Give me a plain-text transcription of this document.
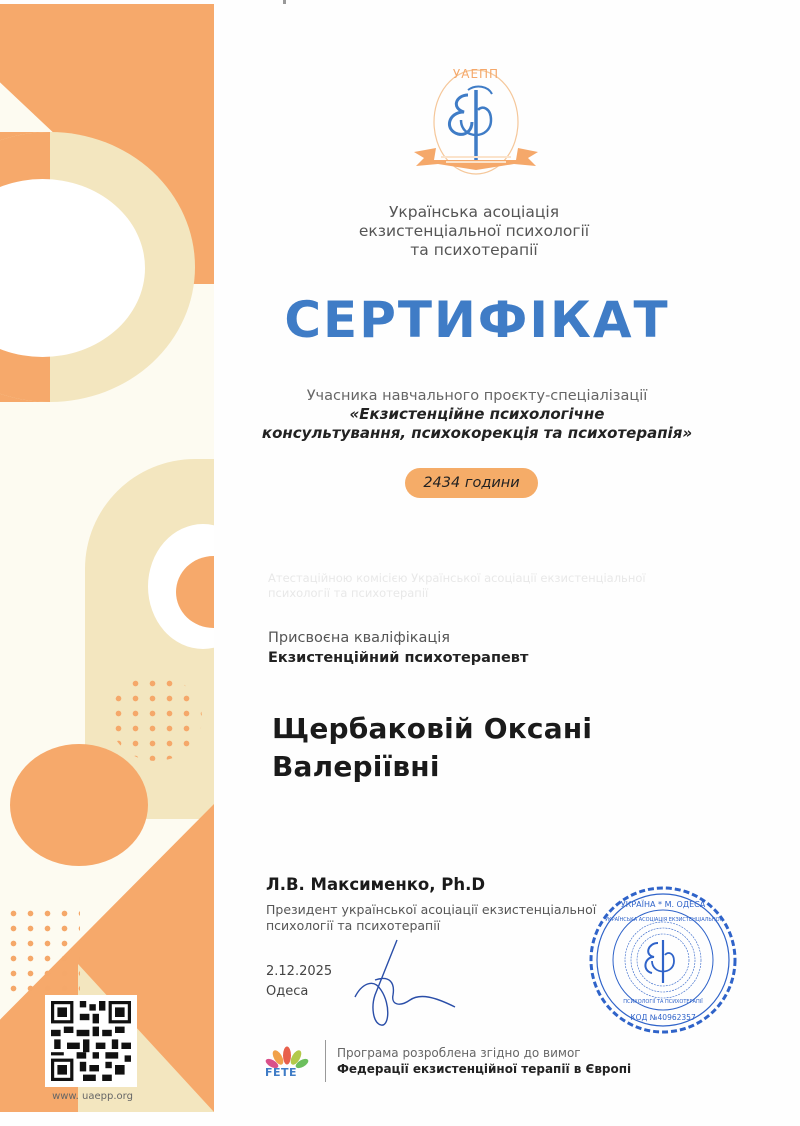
www. uaepp.org
УАЕПП
Українська асоціація
екзистенціальної психології
та психотерапії
СЕРТИФІКАТ
Учасника навчального проєкту-спеціалізації
«Екзистенційне психологічне
консультування, психокорекція та психотерапія»
2434 години
Атестаційною комісією Української асоціації екзистенціальної
психології та психотерапії
Присвоєна кваліфікація
Екзистенційний психотерапевт
Щербаковій Оксані
Валеріївні
Л.В. Максименко, Ph.D
Президент української асоціації екзистенціальної
психології та психотерапії
2.12.2025
Одеса
УКРАЇНА * М. ОДЕСА
КОД №40962357
УКРАЇНСЬКА АСОЦІАЦІЯ ЕКЗИСТЕНЦІАЛЬНОЇ
ПСИХОЛОГІЇ ТА ПСИХОТЕРАПІЇ
FETE
Програма розроблена згідно до вимог
Федерації екзистенційної терапії в Європі
